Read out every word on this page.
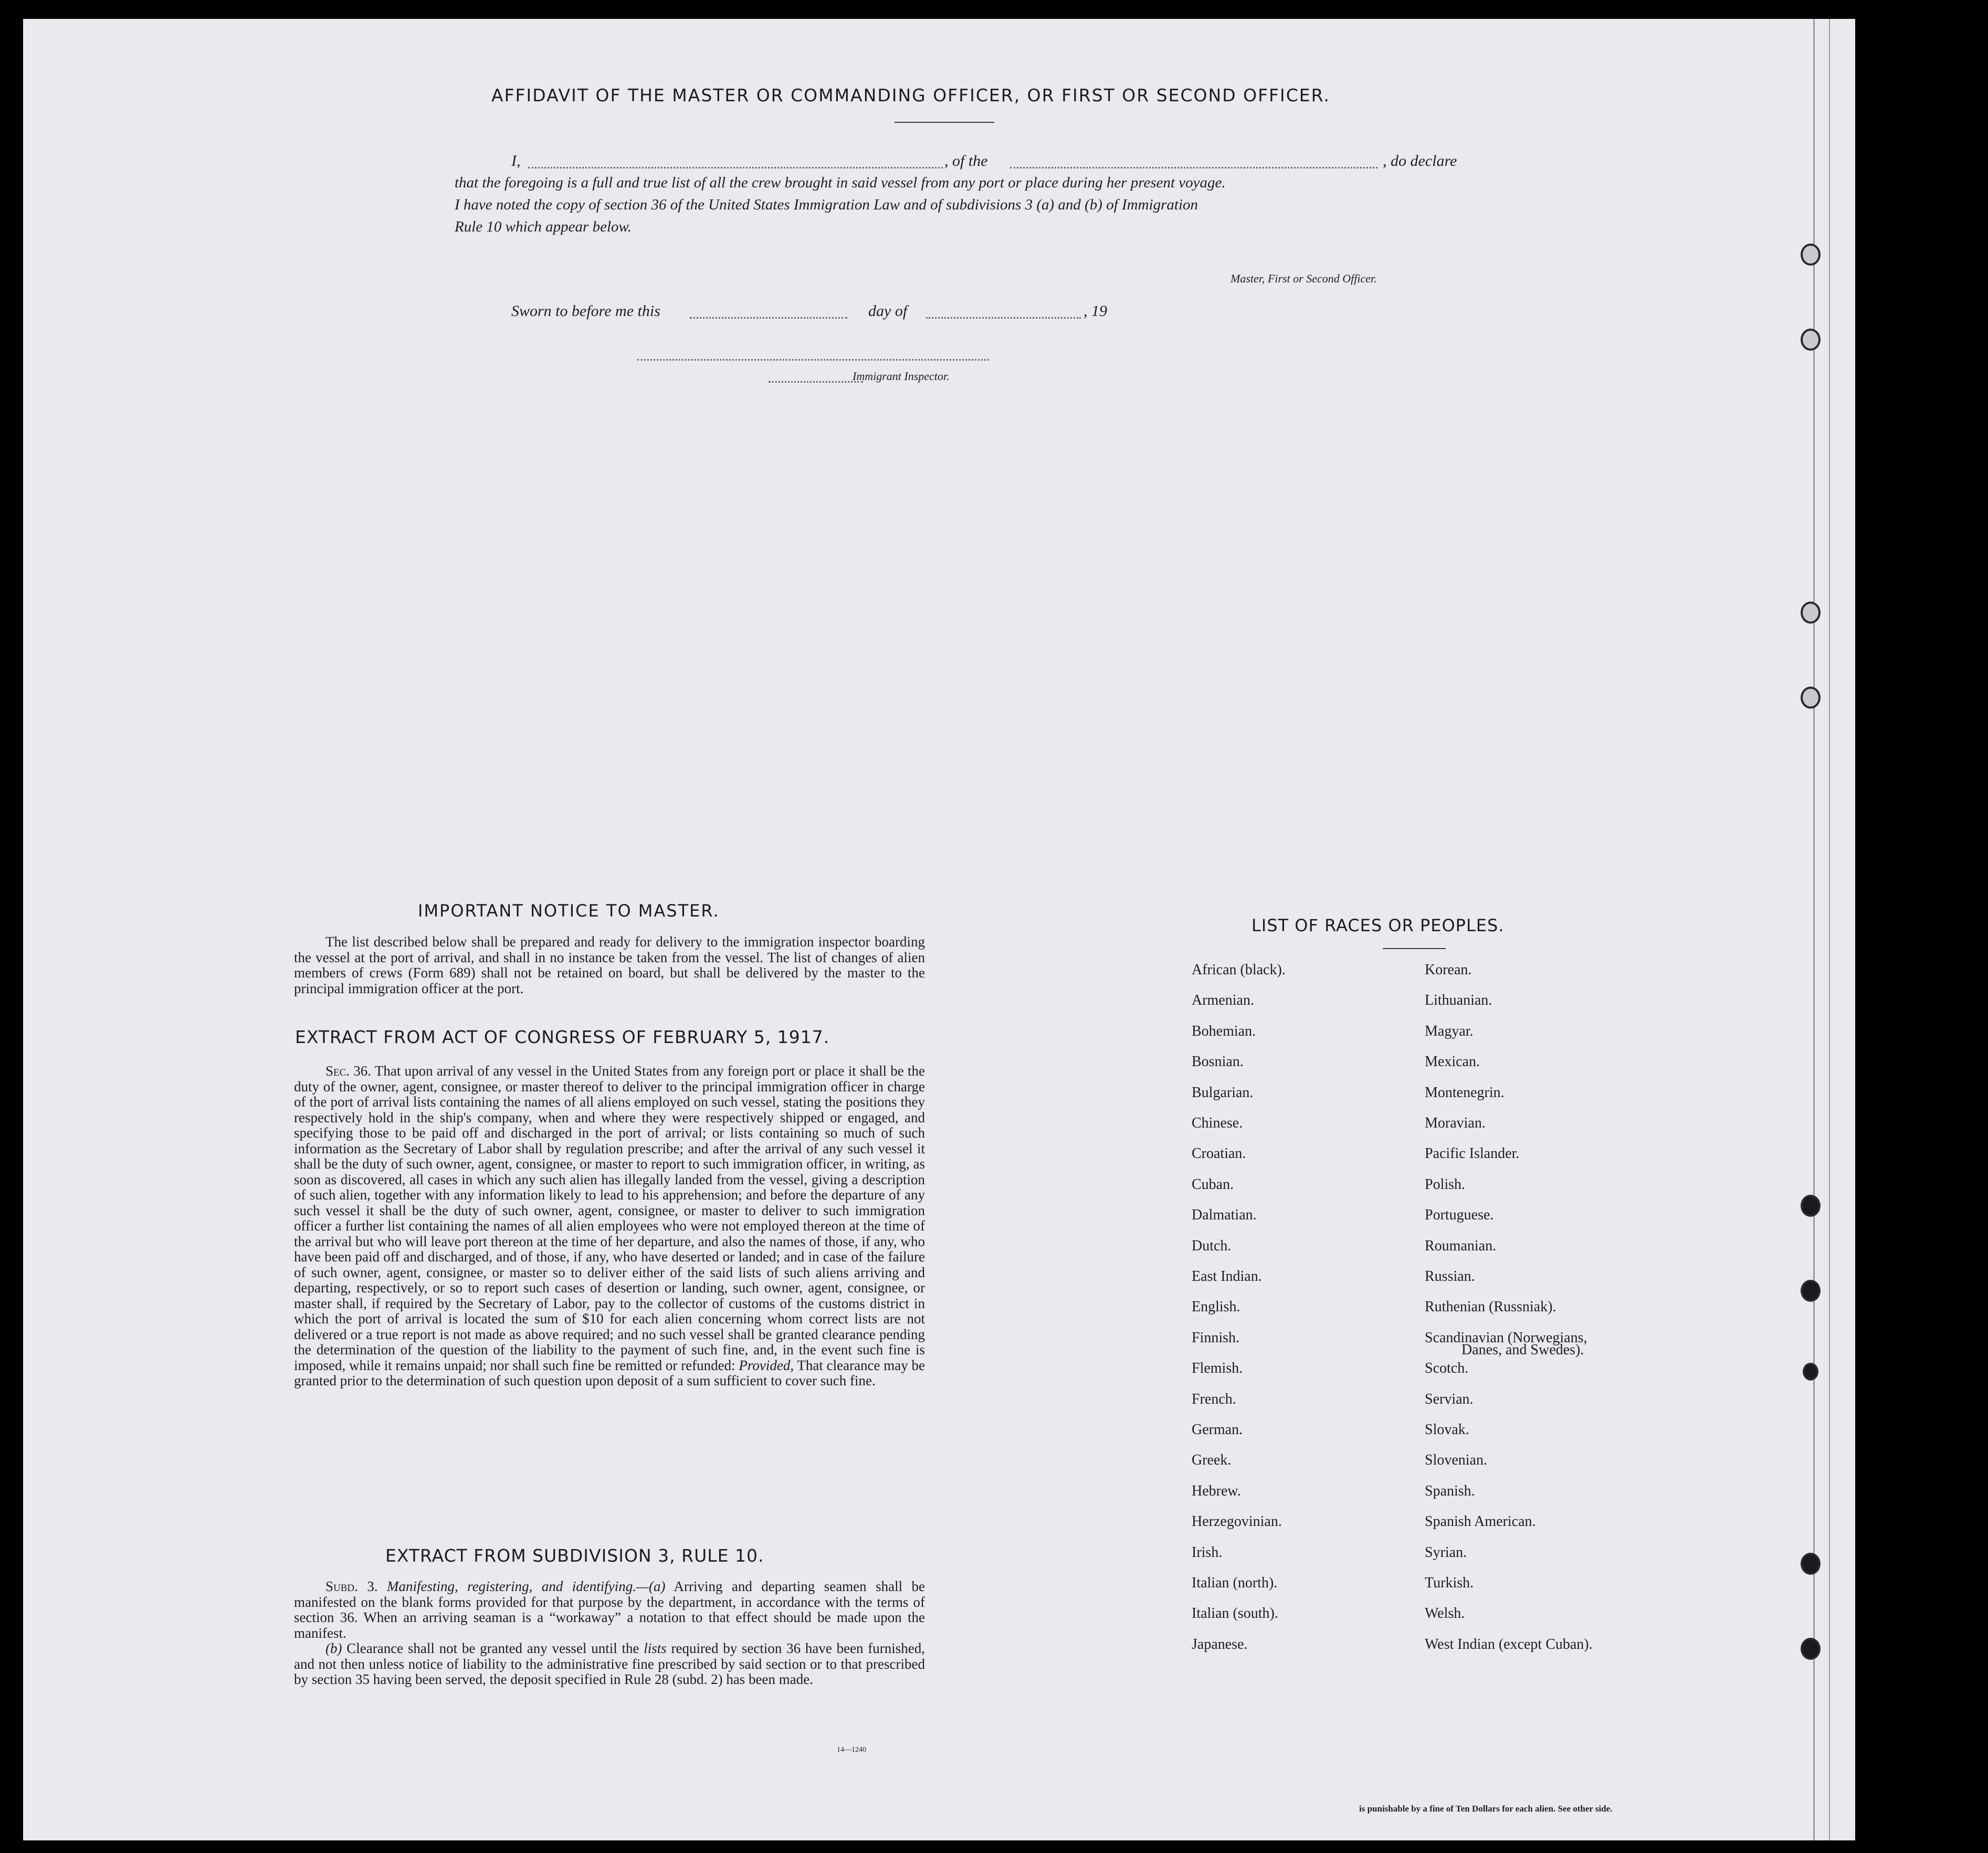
AFFIDAVIT OF THE MASTER OR COMMANDING OFFICER, OR FIRST OR SECOND OFFICER.
I,	, of the	, do declare
that the foregoing is a full and true list of all the crew brought in said vessel from any port or place during her present voyage.
I have noted the copy of section 36 of the United States Immigration Law and of subdivisions 3 (a) and (b) of Immigration
Rule 10 which appear below.
Master, First or Second Officer.
Sworn to before me this	day of	, 19
Immigrant Inspector.
IMPORTANT NOTICE TO MASTER.
The list described below shall be prepared and ready for delivery to the immigration inspector boarding the vessel at the port of arrival, and shall in no instance be taken from the vessel. The list of changes of alien members of crews (Form 689) shall not be retained on board, but shall be delivered by the master to the principal immigration officer at the port.
EXTRACT FROM ACT OF CONGRESS OF FEBRUARY 5, 1917.
Sec. 36. That upon arrival of any vessel in the United States from any foreign port or place it shall be the duty of the owner, agent, consignee, or master thereof to deliver to the principal immigration officer in charge of the port of arrival lists containing the names of all aliens employed on such vessel, stating the positions they respectively hold in the ship's company, when and where they were respectively shipped or engaged, and specifying those to be paid off and discharged in the port of arrival; or lists containing so much of such information as the Secretary of Labor shall by regulation prescribe; and after the arrival of any such vessel it shall be the duty of such owner, agent, consignee, or master to report to such immigration officer, in writing, as soon as discovered, all cases in which any such alien has illegally landed from the vessel, giving a description of such alien, together with any information likely to lead to his apprehension; and before the departure of any such vessel it shall be the duty of such owner, agent, consignee, or master to deliver to such immigration officer a further list containing the names of all alien employees who were not employed thereon at the time of the arrival but who will leave port thereon at the time of her departure, and also the names of those, if any, who have been paid off and discharged, and of those, if any, who have deserted or landed; and in case of the failure of such owner, agent, consignee, or master so to deliver either of the said lists of such aliens arriving and departing, respectively, or so to report such cases of desertion or landing, such owner, agent, consignee, or master shall, if required by the Secretary of Labor, pay to the collector of customs of the customs district in which the port of arrival is located the sum of $10 for each alien concerning whom correct lists are not delivered or a true report is not made as above required; and no such vessel shall be granted clearance pending the determination of the question of the liability to the payment of such fine, and, in the event such fine is imposed, while it remains unpaid; nor shall such fine be remitted or refunded: Provided, That clearance may be granted prior to the determination of such question upon deposit of a sum sufficient to cover such fine.
EXTRACT FROM SUBDIVISION 3, RULE 10.
Subd. 3. Manifesting, registering, and identifying.—(a) Arriving and departing seamen shall be manifested on the blank forms provided for that purpose by the department, in accordance with the terms of section 36. When an arriving seaman is a “workaway” a notation to that effect should be made upon the manifest.
(b) Clearance shall not be granted any vessel until the lists required by section 36 have been furnished, and not then unless notice of liability to the administrative fine prescribed by said section or to that prescribed by section 35 having been served, the deposit specified in Rule 28 (subd. 2) has been made.
14—1240
LIST OF RACES OR PEOPLES.
African (black).
Armenian.
Bohemian.
Bosnian.
Bulgarian.
Chinese.
Croatian.
Cuban.
Dalmatian.
Dutch.
East Indian.
English.
Finnish.
Flemish.
French.
German.
Greek.
Hebrew.
Herzegovinian.
Irish.
Italian (north).
Italian (south).
Japanese.
Korean.
Lithuanian.
Magyar.
Mexican.
Montenegrin.
Moravian.
Pacific Islander.
Polish.
Portuguese.
Roumanian.
Russian.
Ruthenian (Russniak).
Scandinavian (Norwegians,
Scotch.
Servian.
Slovak.
Slovenian.
Spanish.
Spanish American.
Syrian.
Turkish.
Welsh.
West Indian (except Cuban).
Danes, and Swedes).
is punishable by a fine of Ten Dollars for each alien. See other side.
